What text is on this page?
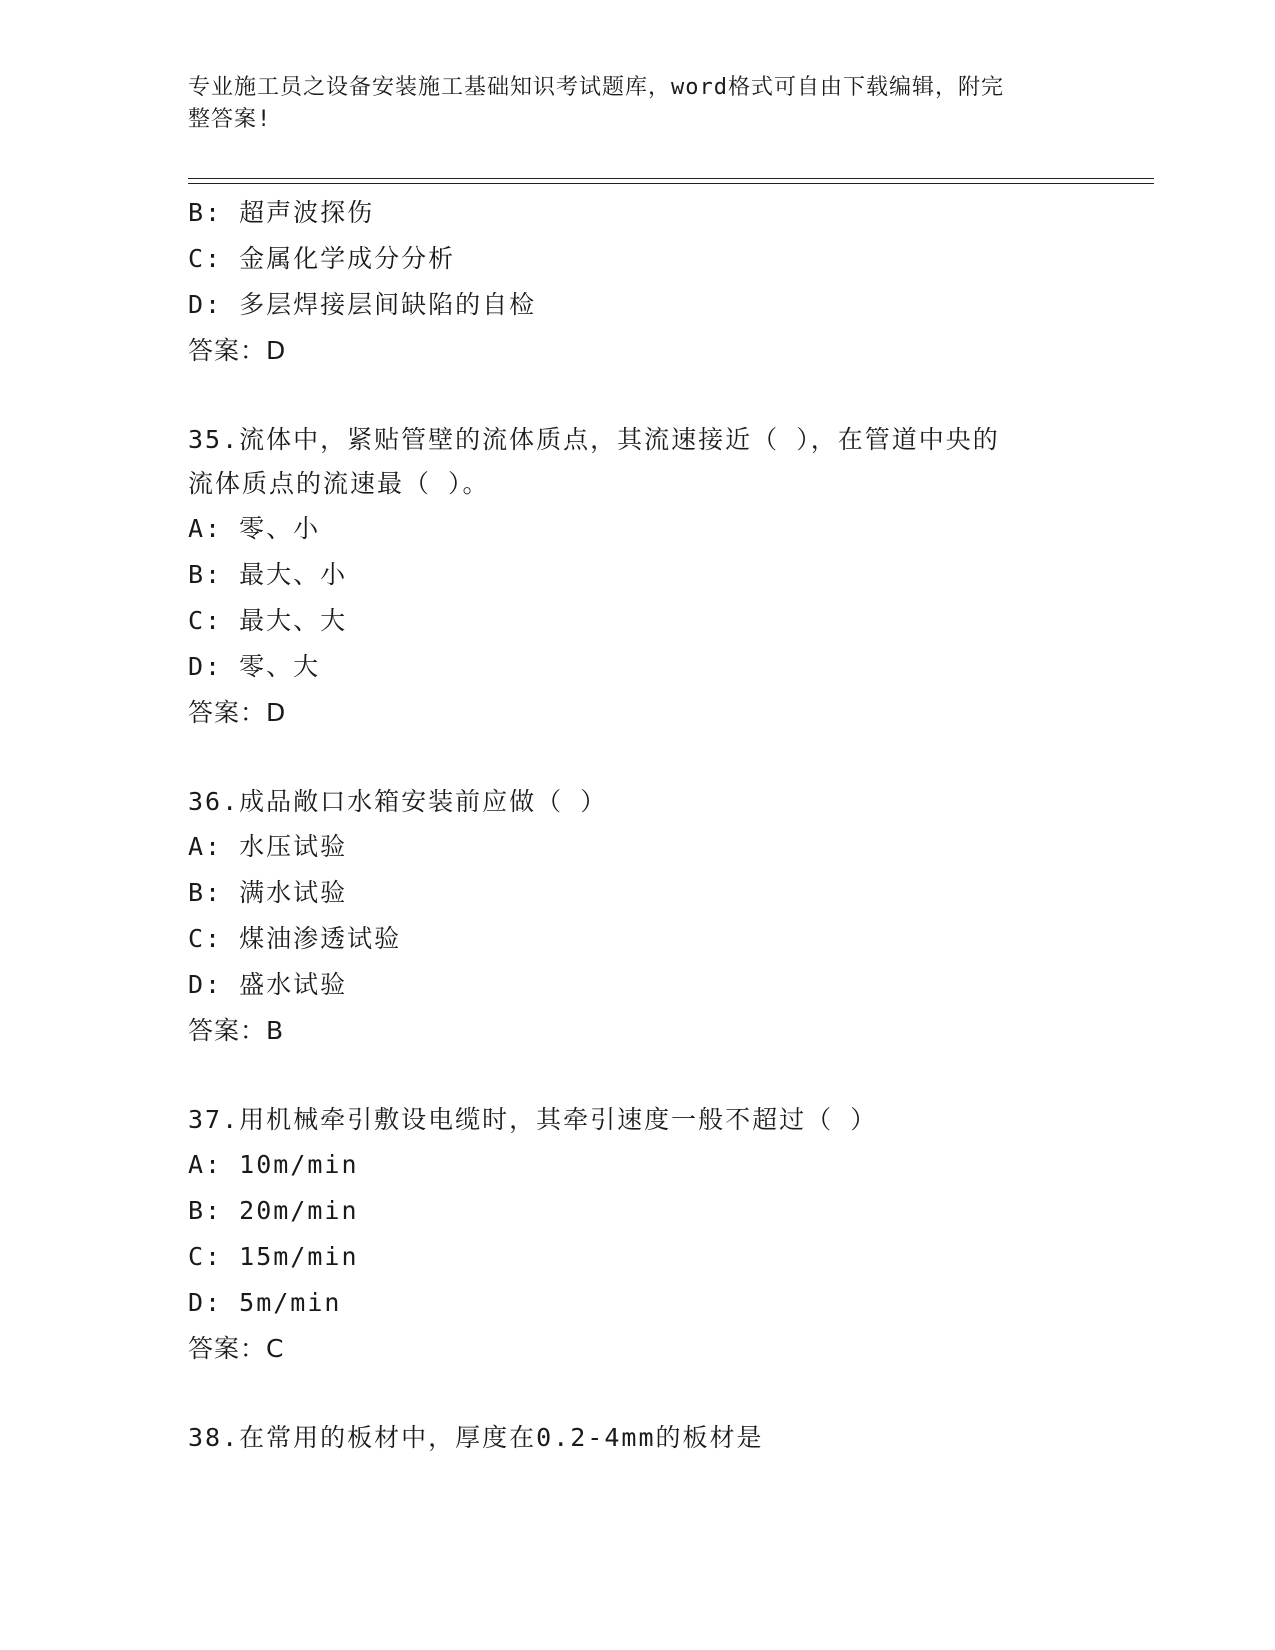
专业施工员之设备安装施工基础知识考试题库，word格式可自由下载编辑，附完
整答案!
B: 超声波探伤
C: 金属化学成分分析
D: 多层焊接层间缺陷的自检
答案：D
35.流体中，紧贴管壁的流体质点，其流速接近（ ），在管道中央的
流体质点的流速最（ ）。
A: 零、小
B: 最大、小
C: 最大、大
D: 零、大
答案：D
36.成品敞口水箱安装前应做（ ）
A: 水压试验
B: 满水试验
C: 煤油渗透试验
D: 盛水试验
答案：B
37.用机械牵引敷设电缆时，其牵引速度一般不超过（ ）
A: 10m/min
B: 20m/min
C: 15m/min
D: 5m/min
答案：C
38.在常用的板材中，厚度在0.2-4mm的板材是
